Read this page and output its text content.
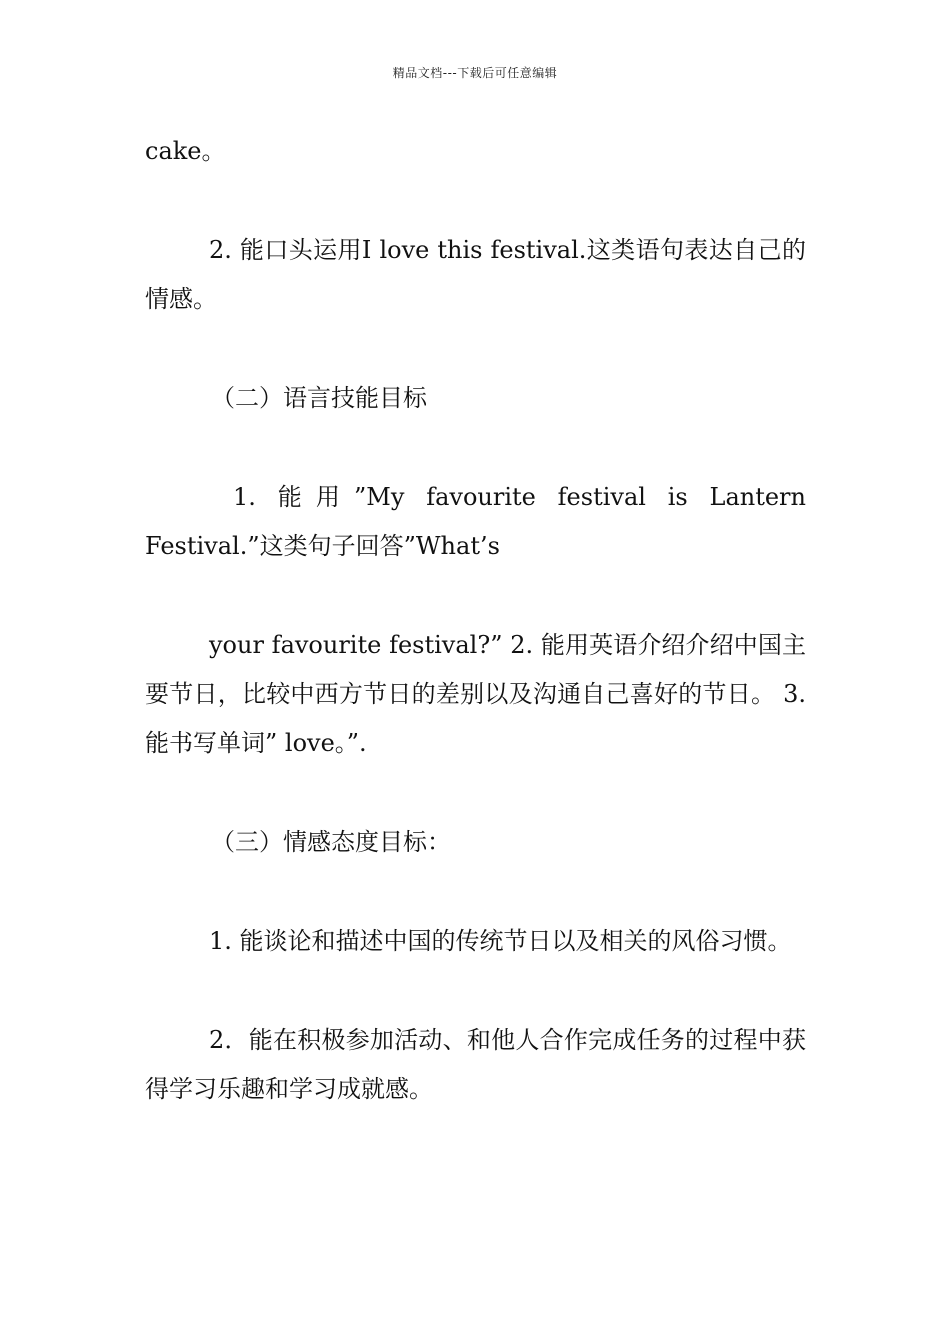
精品文档---下载后可任意编辑

cake。

2. 能口头运用I love this festival.这类语句表达自己的情感。

（二）语言技能目标

1. 能用”My favourite festival is Lantern

Festival.”这类句子回答”What’s

your favourite festival?” 2. 能用英语介绍介绍中国主要节日，比较中西方节日的差别以及沟通自己喜好的节日。 3. 能书写单词” love。”.

（三）情感态度目标：

1. 能谈论和描述中国的传统节日以及相关的风俗习惯。

2．能在积极参加活动、和他人合作完成任务的过程中获得学习乐趣和学习成就感。
